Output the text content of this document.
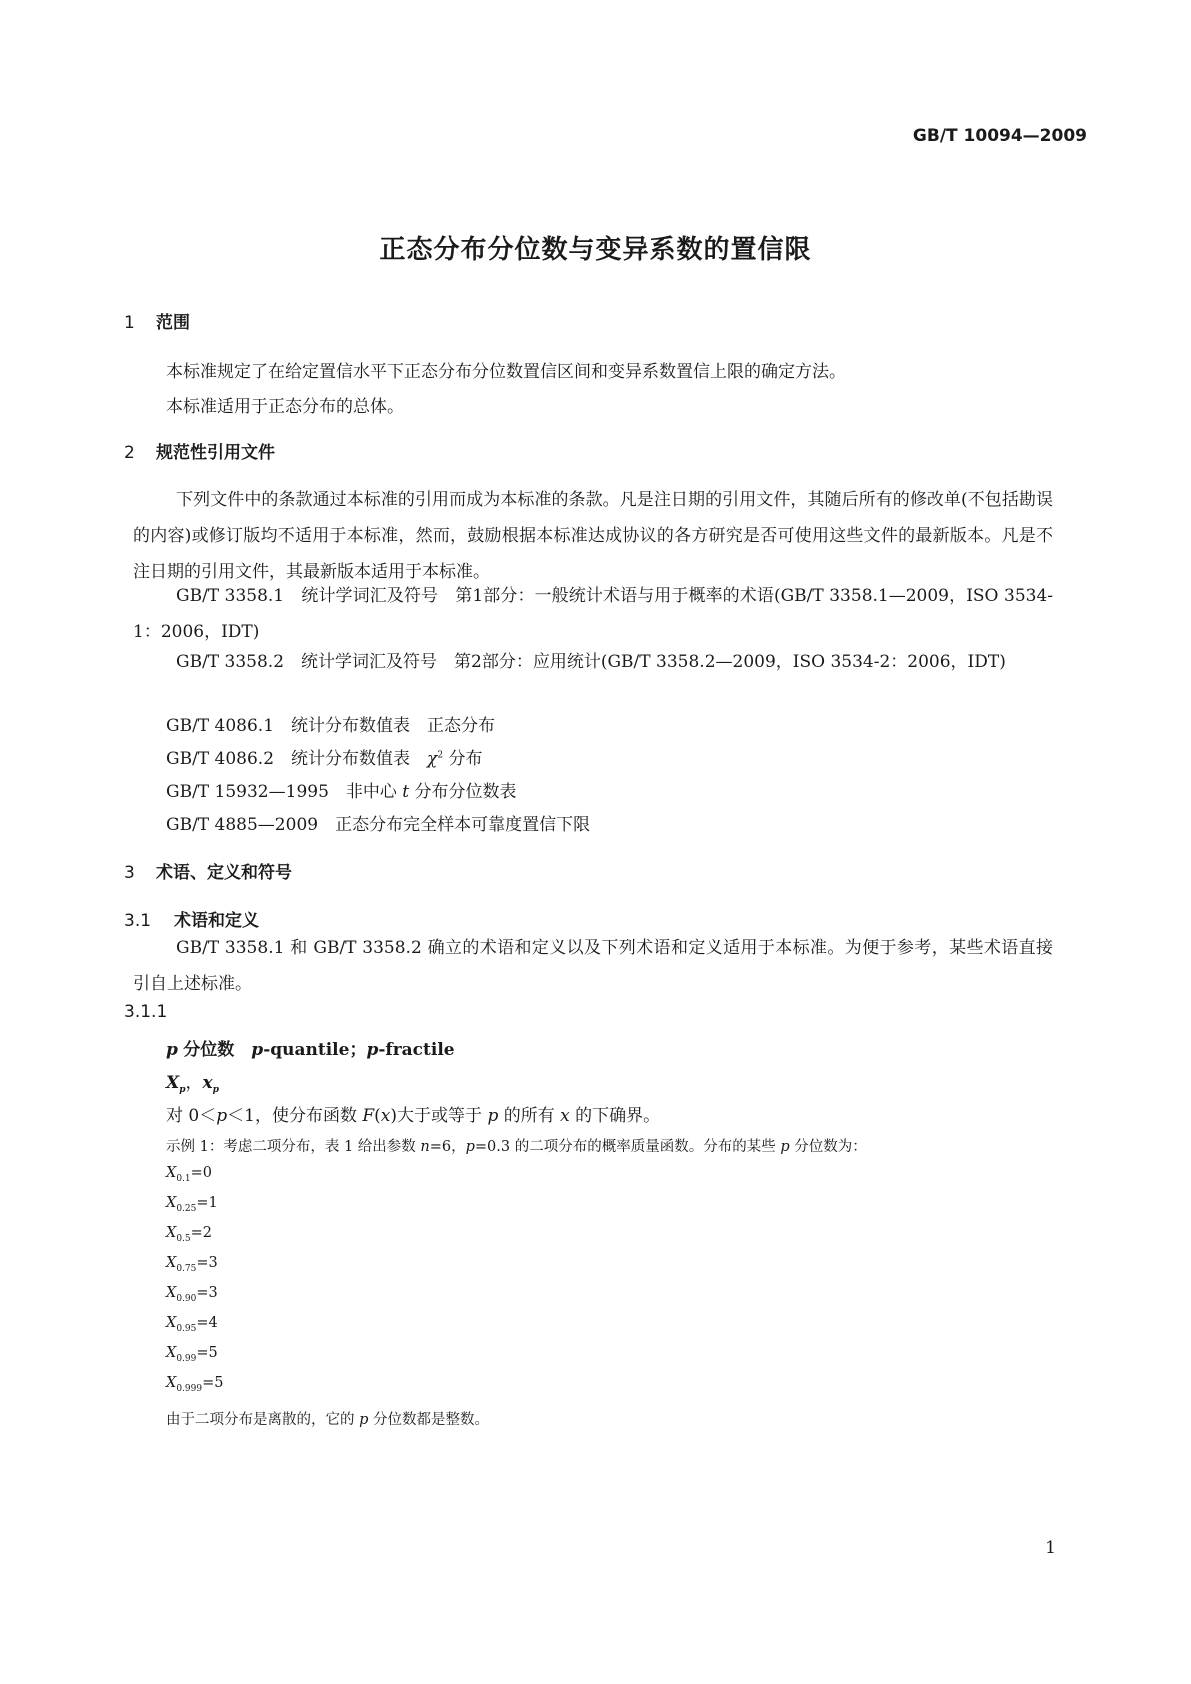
GB/T 10094—2009
正态分布分位数与变异系数的置信限
1 范围
本标准规定了在给定置信水平下正态分布分位数置信区间和变异系数置信上限的确定方法。
本标准适用于正态分布的总体。
2 规范性引用文件
下列文件中的条款通过本标准的引用而成为本标准的条款。凡是注日期的引用文件，其随后所有的修改单(不包括勘误的内容)或修订版均不适用于本标准，然而，鼓励根据本标准达成协议的各方研究是否可使用这些文件的最新版本。凡是不注日期的引用文件，其最新版本适用于本标准。
GB/T 3358.1　 统计学词汇及符号　第1部分：一般统计术语与用于概率的术语(GB/T 3358.1—2009，ISO 3534-1：2006，IDT)
GB/T 3358.2　 统计学词汇及符号　第2部分：应用统计(GB/T 3358.2—2009，ISO 3534-2：2006，IDT)
GB/T 4086.1　 统计分布数值表　正态分布
GB/T 4086.2　 统计分布数值表　 $\chi^2$ 分布
GB/T 15932—1995　 非中心 t 分布分位数表
GB/T 4885—2009　 正态分布完全样本可靠度置信下限
3 术语、定义和符号
3.1 术语和定义
GB/T 3358.1 和 GB/T 3358.2 确立的术语和定义以及下列术语和定义适用于本标准。为便于参考，某些术语直接引自上述标准。
3.1.1
p 分位数　 p-quantile；p-fractile
$X_p$，$x_p$
对 0＜p＜1，使分布函数 F(x)大于或等于 p 的所有 x 的下确界。
示例 1：考虑二项分布，表 1 给出参数 n=6，p=0.3 的二项分布的概率质量函数。分布的某些 p 分位数为：
$X_{0.1}=0$
$X_{0.25}=1$
$X_{0.5}=2$
$X_{0.75}=3$
$X_{0.90}=3$
$X_{0.95}=4$
$X_{0.99}=5$
$X_{0.999}=5$
由于二项分布是离散的，它的 p 分位数都是整数。
1
